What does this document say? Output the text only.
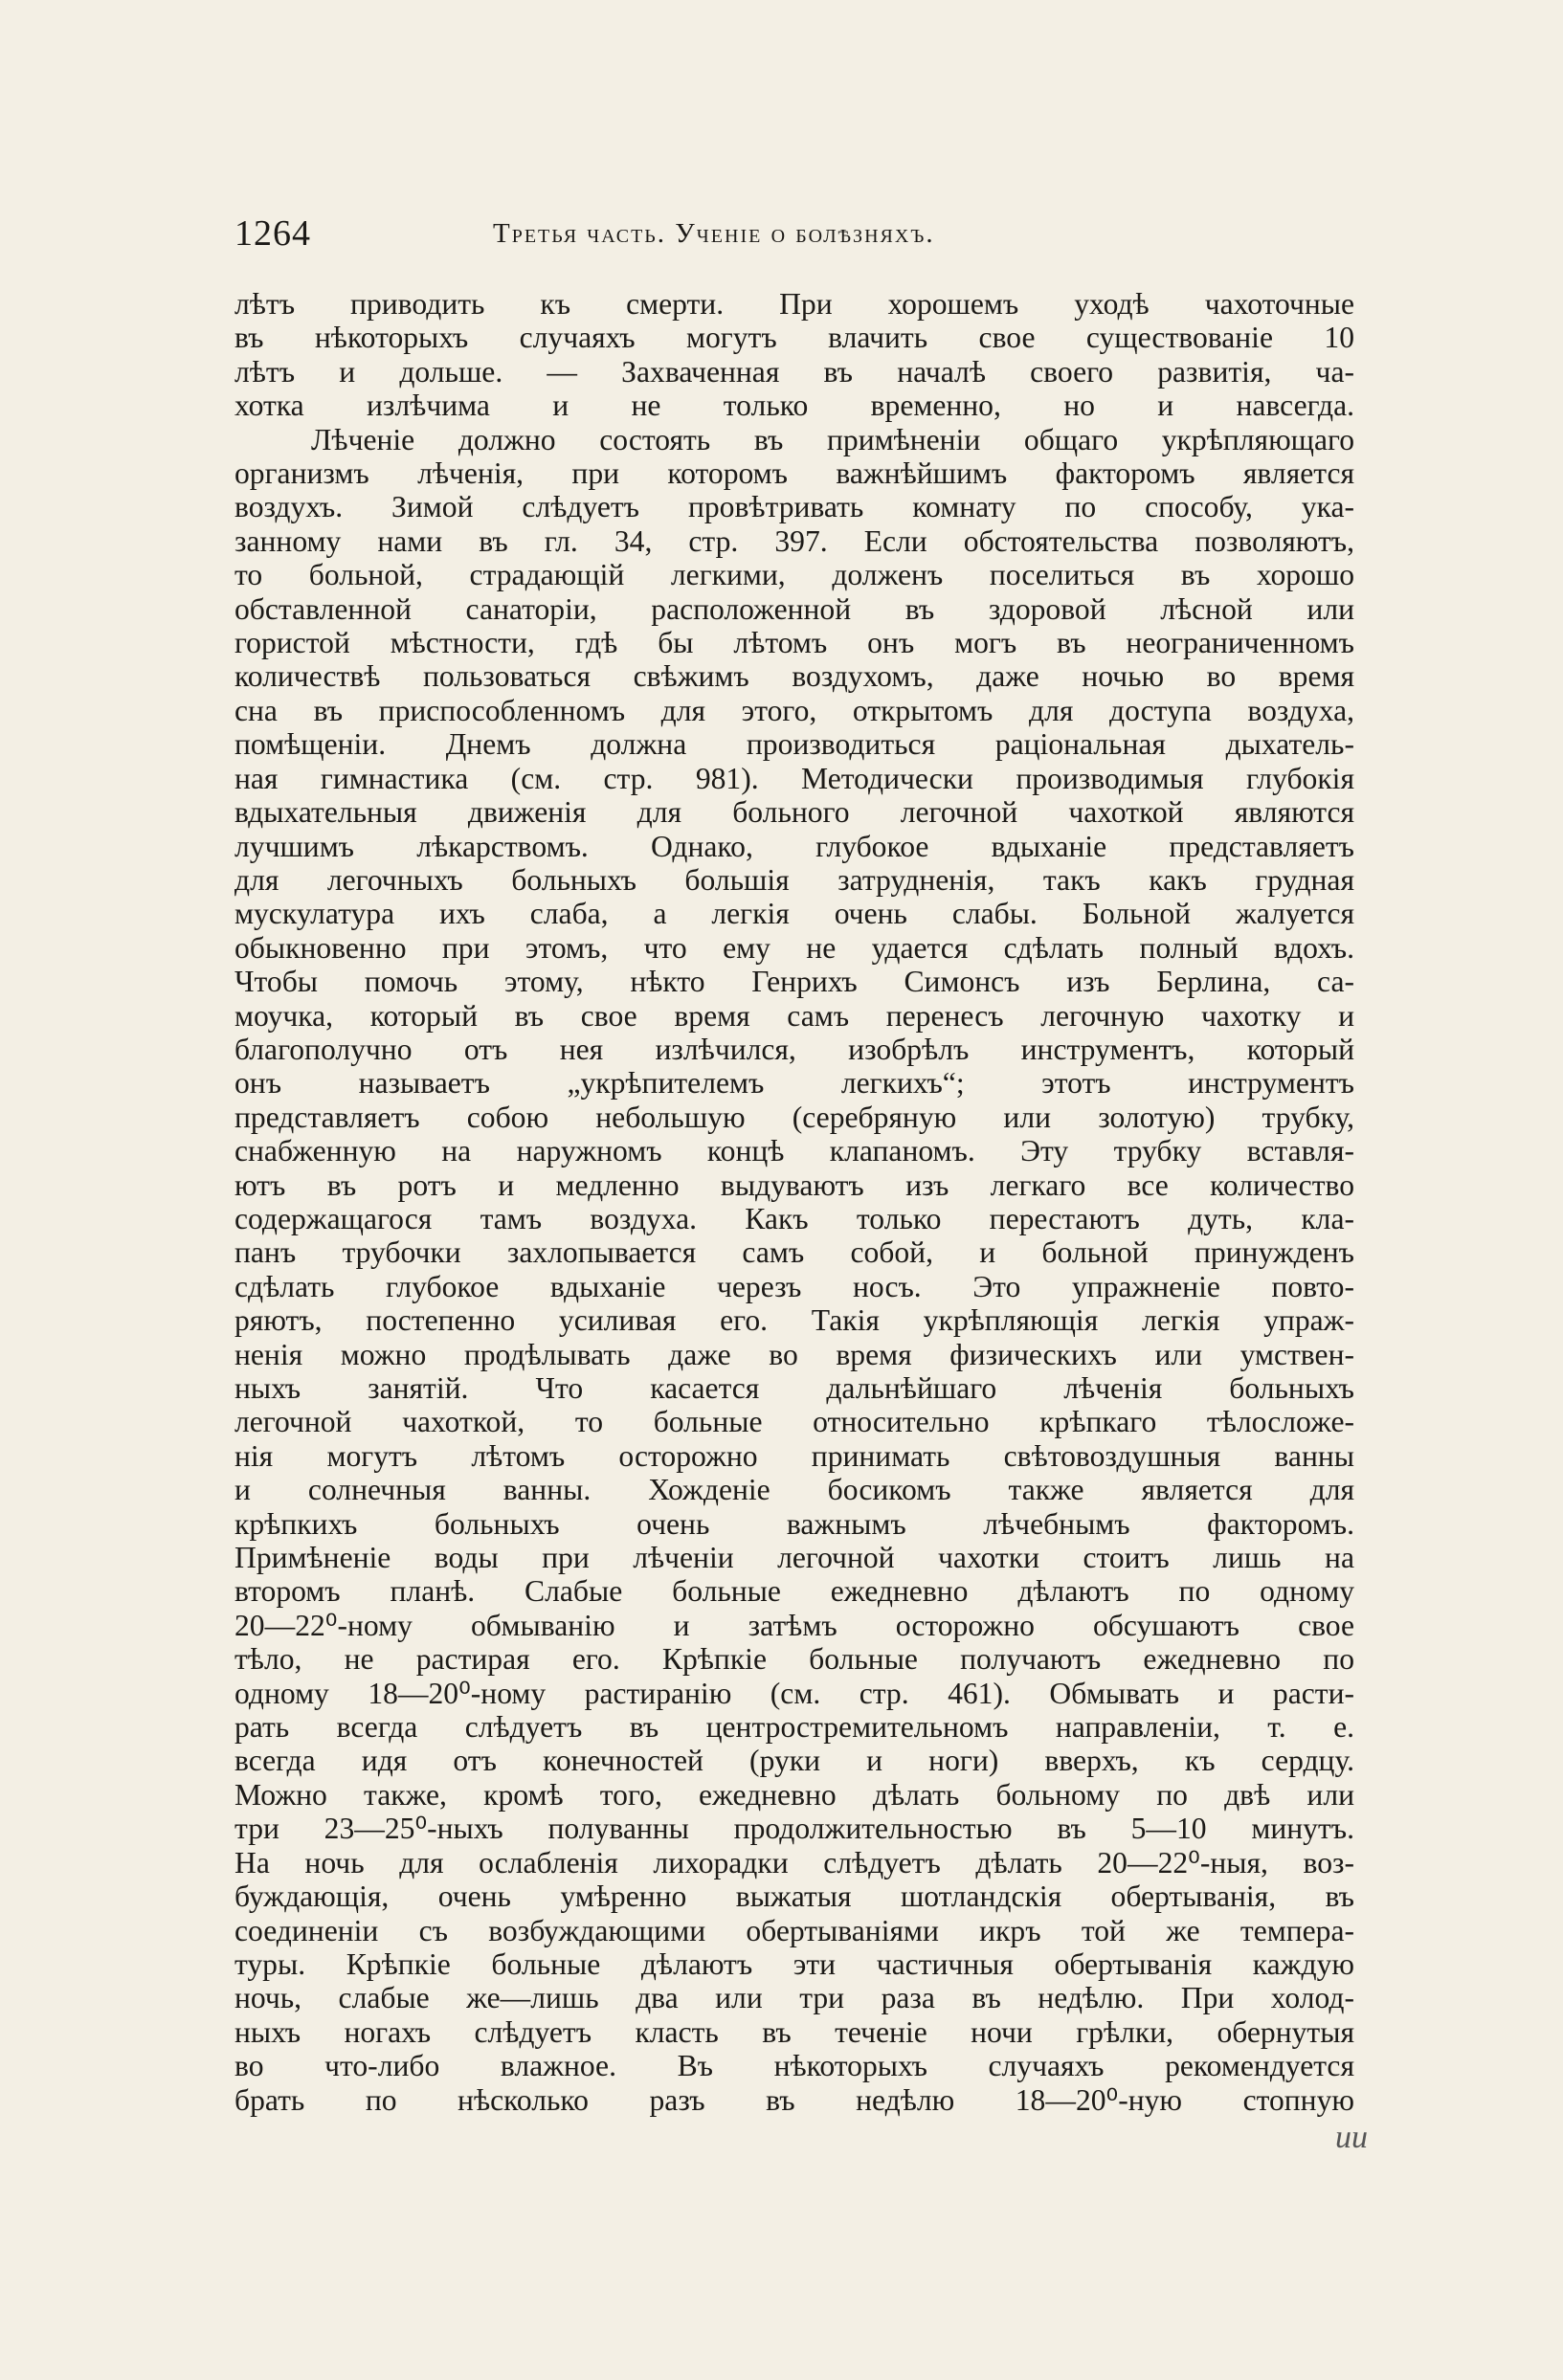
1264	Третья часть. Ученіе о болѣзняхъ.
лѣтъ приводить къ смерти. При хорошемъ уходѣ чахоточные
въ нѣкоторыхъ случаяхъ могутъ влачить свое существованіе 10
лѣтъ и дольше. — Захваченная въ началѣ своего развитія, ча-
хотка излѣчима и не только временно, но и навсегда.
Лѣченіе должно состоять въ примѣненіи общаго укрѣпляющаго
организмъ лѣченія, при которомъ важнѣйшимъ факторомъ является
воздухъ. Зимой слѣдуетъ провѣтривать комнату по способу, ука-
занному нами въ гл. 34, стр. 397. Если обстоятельства позволяютъ,
то больной, страдающій легкими, долженъ поселиться въ хорошо
обставленной санаторіи, расположенной въ здоровой лѣсной или
гористой мѣстности, гдѣ бы лѣтомъ онъ могъ въ неограниченномъ
количествѣ пользоваться свѣжимъ воздухомъ, даже ночью во время
сна въ приспособленномъ для этого, открытомъ для доступа воздуха,
помѣщеніи. Днемъ должна производиться раціональная дыхатель-
ная гимнастика (см. стр. 981). Методически производимыя глубокія
вдыхательныя движенія для больного легочной чахоткой являются
лучшимъ лѣкарствомъ. Однако, глубокое вдыханіе представляетъ
для легочныхъ больныхъ большія затрудненія, такъ какъ грудная
мускулатура ихъ слаба, а легкія очень слабы. Больной жалуется
обыкновенно при этомъ, что ему не удается сдѣлать полный вдохъ.
Чтобы помочь этому, нѣкто Генрихъ Симонсъ изъ Берлина, са-
моучка, который въ свое время самъ перенесъ легочную чахотку и
благополучно отъ нея излѣчился, изобрѣлъ инструментъ, который
онъ называетъ „укрѣпителемъ легкихъ“; этотъ инструментъ
представляетъ собою небольшую (серебряную или золотую) трубку,
снабженную на наружномъ концѣ клапаномъ. Эту трубку вставля-
ютъ въ ротъ и медленно выдуваютъ изъ легкаго все количество
содержащагося тамъ воздуха. Какъ только перестаютъ дуть, кла-
панъ трубочки захлопывается самъ собой, и больной принужденъ
сдѣлать глубокое вдыханіе черезъ носъ. Это упражненіе повто-
ряютъ, постепенно усиливая его. Такія укрѣпляющія легкія упраж-
ненія можно продѣлывать даже во время физическихъ или умствен-
ныхъ занятій. Что касается дальнѣйшаго лѣченія больныхъ
легочной чахоткой, то больные относительно крѣпкаго тѣлосложе-
нія могутъ лѣтомъ осторожно принимать свѣтовоздушныя ванны
и солнечныя ванны. Хожденіе босикомъ также является для
крѣпкихъ больныхъ очень важнымъ лѣчебнымъ факторомъ.
Примѣненіе воды при лѣченіи легочной чахотки стоитъ лишь на
второмъ планѣ. Слабые больные ежедневно дѣлаютъ по одному
20—22⁰-ному обмыванію и затѣмъ осторожно обсушаютъ свое
тѣло, не растирая его. Крѣпкіе больные получаютъ ежедневно по
одному 18—20⁰-ному растиранію (см. стр. 461). Обмывать и расти-
рать всегда слѣдуетъ въ центростремительномъ направленіи, т. е.
всегда идя отъ конечностей (руки и ноги) вверхъ, къ сердцу.
Можно также, кромѣ того, ежедневно дѣлать больному по двѣ или
три 23—25⁰-ныхъ полуванны продолжительностью въ 5—10 минутъ.
На ночь для ослабленія лихорадки слѣдуетъ дѣлать 20—22⁰-ныя, воз-
буждающія, очень умѣренно выжатыя шотландскія обертыванія, въ
соединеніи съ возбуждающими обертываніями икръ той же темпера-
туры. Крѣпкіе больные дѣлаютъ эти частичныя обертыванія каждую
ночь, слабые же—лишь два или три раза въ недѣлю. При холод-
ныхъ ногахъ слѣдуетъ класть въ теченіе ночи грѣлки, обернутыя
во что-либо влажное. Въ нѣкоторыхъ случаяхъ рекомендуется
брать по нѣсколько разъ въ недѣлю 18—20⁰-ную стопную
ии
